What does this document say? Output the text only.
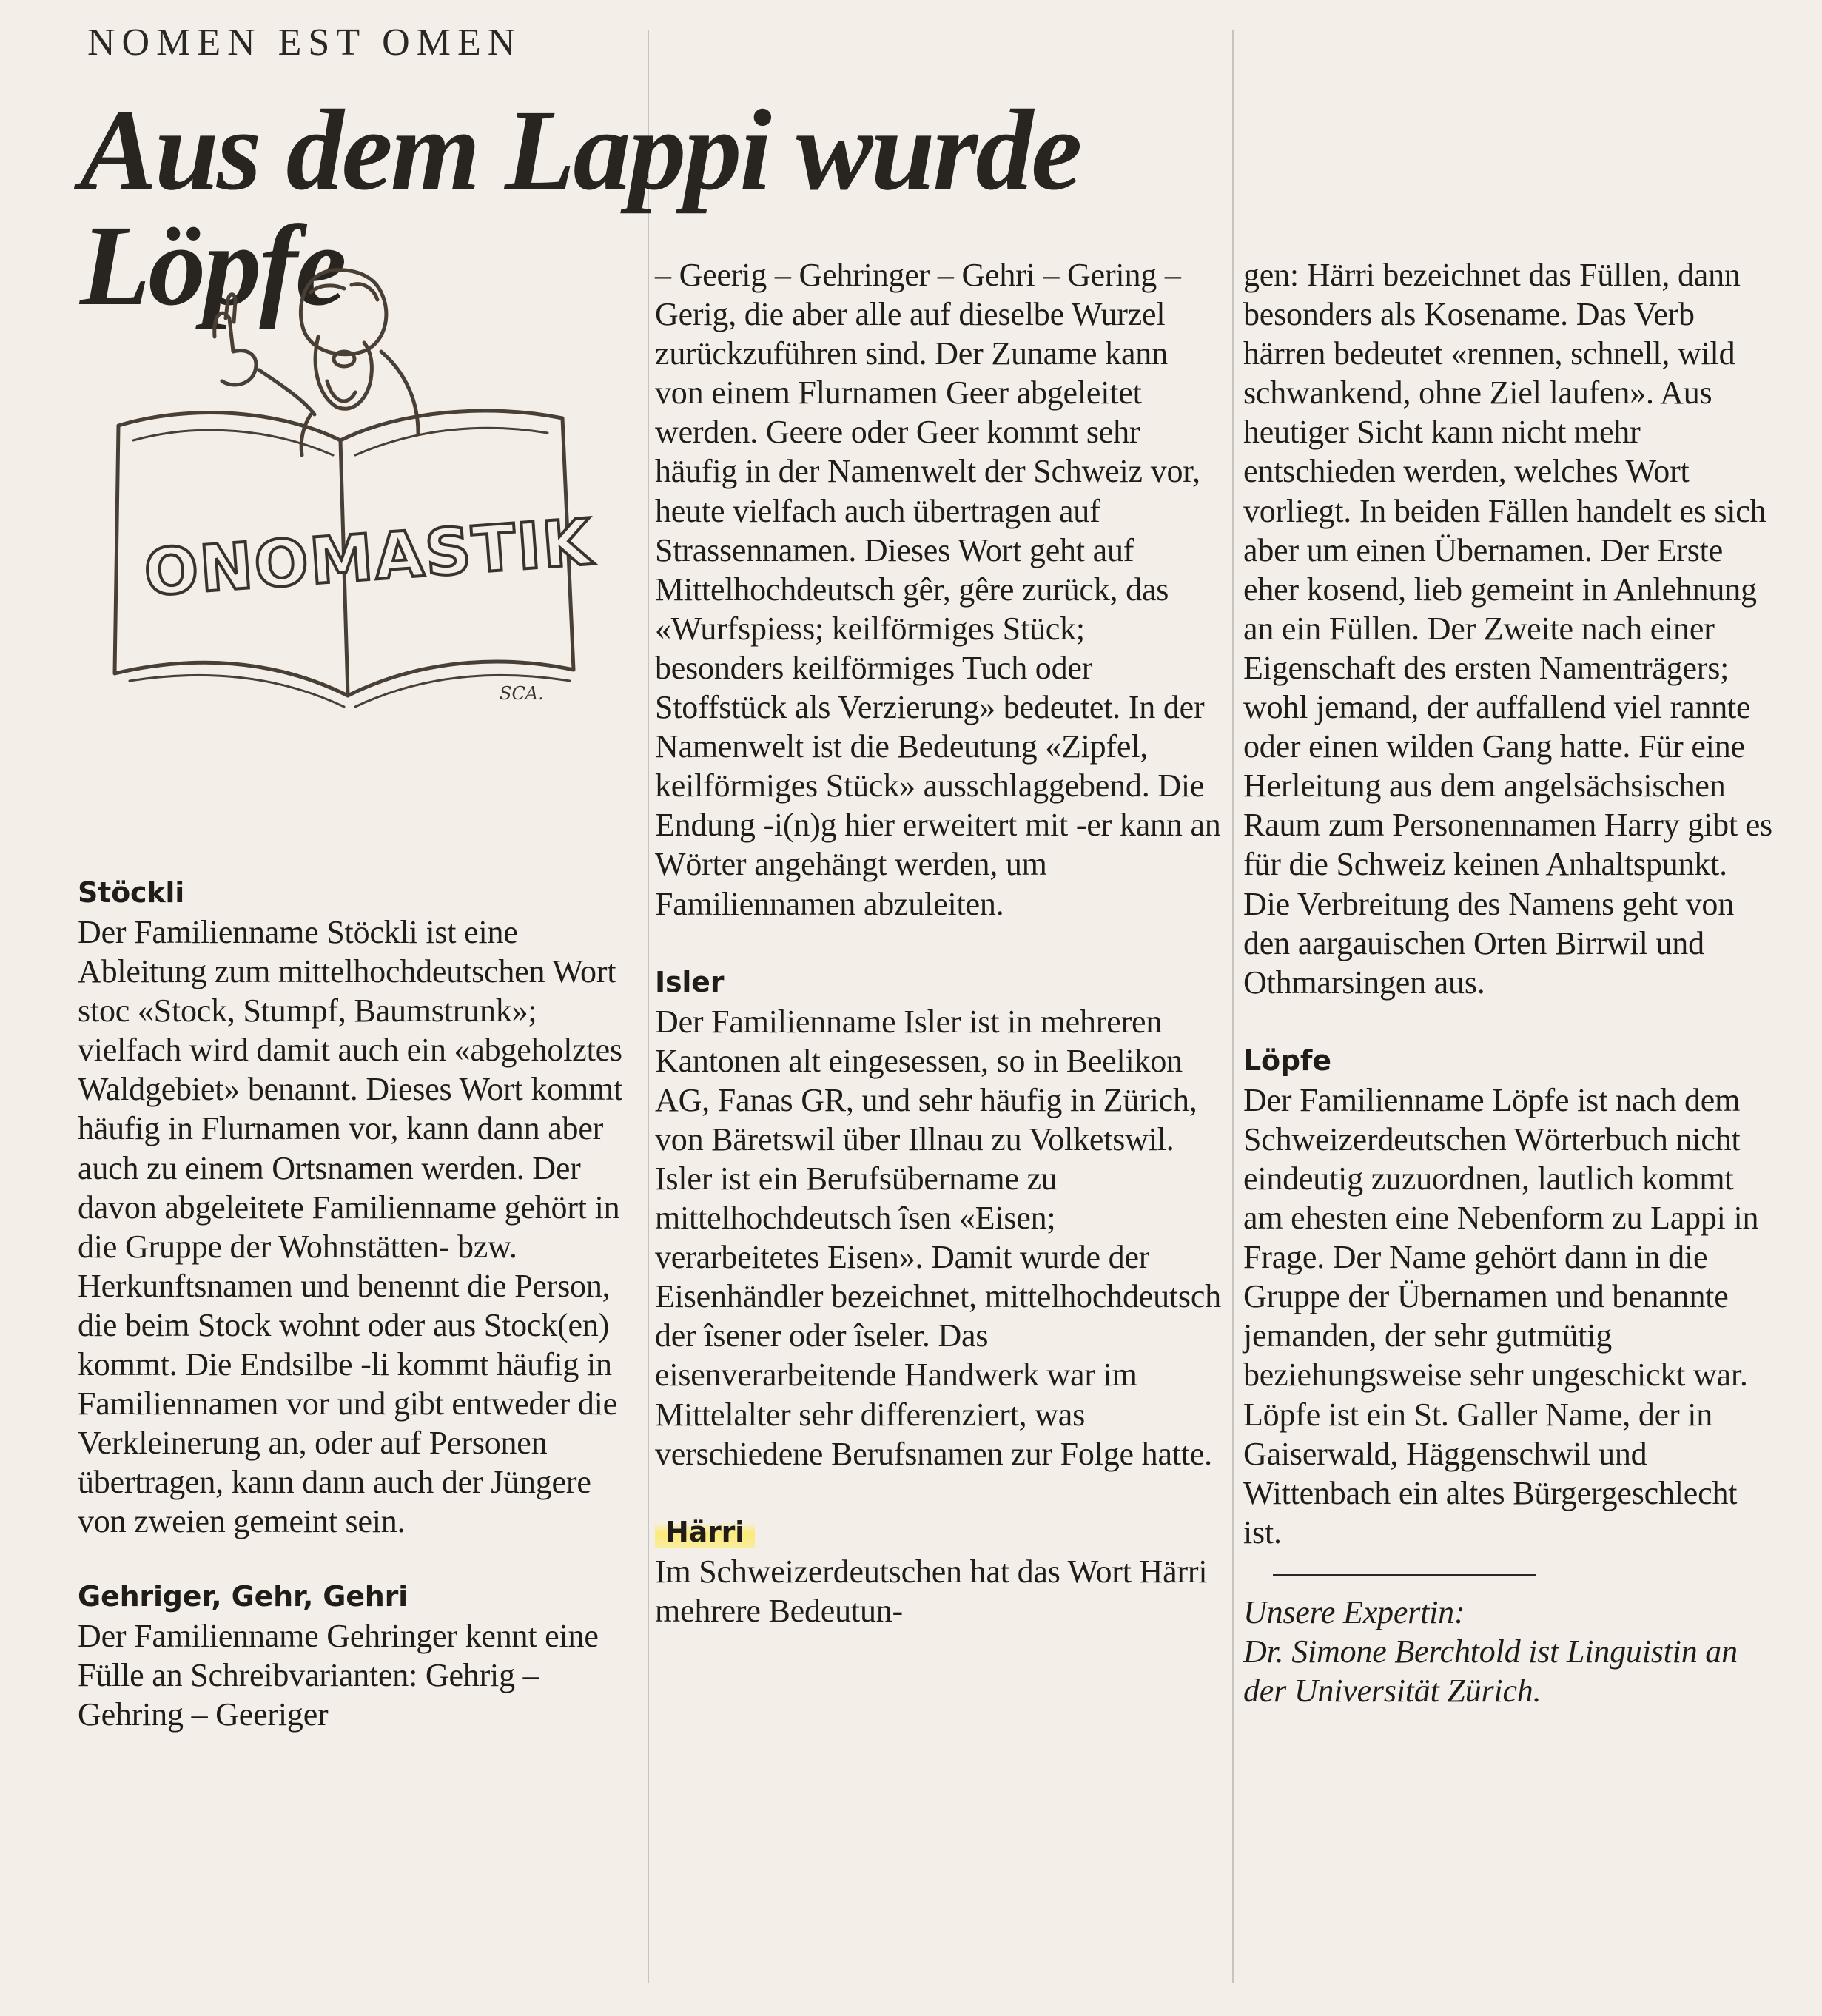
NOMEN EST OMEN
Aus dem Lappi wurde Löpfe
ONOMASTIK
SCA.
Stöckli

Der Familienname Stöckli ist eine Ableitung zum mittelhochdeutschen Wort stoc «Stock, Stumpf, Baumstrunk»; vielfach wird damit auch ein «abgeholztes Waldgebiet» benannt. Dieses Wort kommt häufig in Flurnamen vor, kann dann aber auch zu einem Ortsnamen werden. Der davon abgeleitete Familienname gehört in die Gruppe der Wohnstätten- bzw. Herkunftsnamen und benennt die Person, die beim Stock wohnt oder aus Stock(en) kommt. Die Endsilbe -li kommt häufig in Familiennamen vor und gibt entweder die Verkleinerung an, oder auf Personen übertragen, kann dann auch der Jüngere von zweien gemeint sein.

Gehriger, Gehr, Gehri

Der Familienname Gehringer kennt eine Fülle an Schreibvarianten: Gehrig – Gehring – Geeriger

– Geerig – Gehringer – Gehri – Gering – Gerig, die aber alle auf dieselbe Wurzel zurückzuführen sind. Der Zuname kann von einem Flurnamen Geer abgeleitet werden. Geere oder Geer kommt sehr häufig in der Namenwelt der Schweiz vor, heute vielfach auch übertragen auf Strassennamen. Dieses Wort geht auf Mittelhochdeutsch gêr, gêre zurück, das «Wurfspiess; keilförmiges Stück; besonders keilförmiges Tuch oder Stoffstück als Verzierung» bedeutet. In der Namenwelt ist die Bedeutung «Zipfel, keilförmiges Stück» ausschlaggebend. Die Endung -i(n)g hier erweitert mit -er kann an Wörter angehängt werden, um Familiennamen abzuleiten.

Isler

Der Familienname Isler ist in mehreren Kantonen alt eingesessen, so in Beelikon AG, Fanas GR, und sehr häufig in Zürich, von Bäretswil über Illnau zu Volketswil. Isler ist ein Berufsübername zu mittelhochdeutsch îsen «Eisen; verarbeitetes Eisen». Damit wurde der Eisenhändler bezeichnet, mittelhochdeutsch der îsener oder îseler. Das eisenverarbeitende Handwerk war im Mittelalter sehr differenziert, was verschiedene Berufsnamen zur Folge hatte.

Härri

Im Schweizerdeutschen hat das Wort Härri mehrere Bedeutun-

gen: Härri bezeichnet das Füllen, dann besonders als Kosename. Das Verb härren bedeutet «rennen, schnell, wild schwankend, ohne Ziel laufen». Aus heutiger Sicht kann nicht mehr entschieden werden, welches Wort vorliegt. In beiden Fällen handelt es sich aber um einen Übernamen. Der Erste eher kosend, lieb gemeint in Anlehnung an ein Füllen. Der Zweite nach einer Eigenschaft des ersten Namenträgers; wohl jemand, der auffallend viel rannte oder einen wilden Gang hatte. Für eine Herleitung aus dem angelsächsischen Raum zum Personennamen Harry gibt es für die Schweiz keinen Anhaltspunkt. Die Verbreitung des Namens geht von den aargauischen Orten Birrwil und Othmarsingen aus.

Löpfe

Der Familienname Löpfe ist nach dem Schweizerdeutschen Wörterbuch nicht eindeutig zuzuordnen, lautlich kommt am ehesten eine Nebenform zu Lappi in Frage. Der Name gehört dann in die Gruppe der Übernamen und benannte jemanden, der sehr gutmütig beziehungsweise sehr ungeschickt war. Löpfe ist ein St. Galler Name, der in Gaiserwald, Häggenschwil und Wittenbach ein altes Bürgergeschlecht ist.

Unsere Expertin:

Dr. Simone Berchtold ist Linguistin an der Universität Zürich.
